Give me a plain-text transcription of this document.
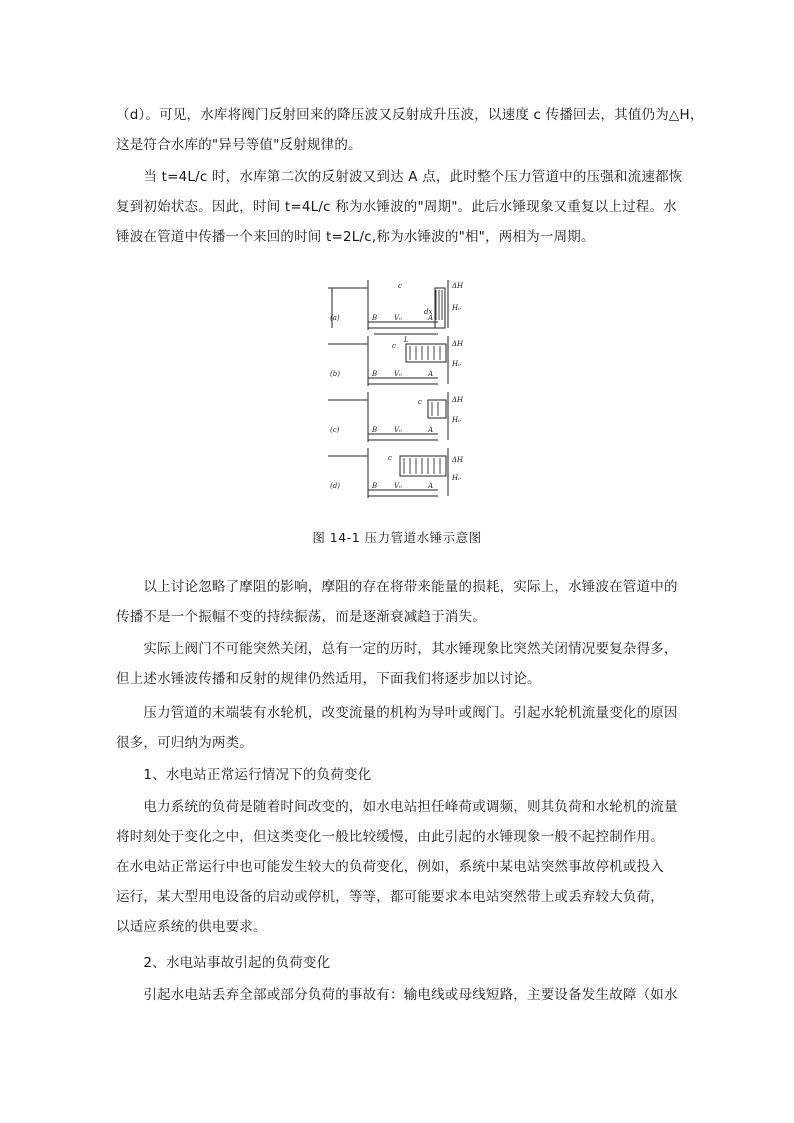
（d）。可见，水库将阀门反射回来的降压波又反射成升压波，以速度 c 传播回去，其值仍为△H，
这是符合水库的"异号等值"反射规律的。
　　当 t=4L/c 时，水库第二次的反射波又到达 A 点，此时整个压力管道中的压强和流速都恢
复到初始状态。因此，时间 t=4L/c 称为水锤波的"周期"。此后水锤现象又重复以上过程。水
锤波在管道中传播一个来回的时间 t=2L/c,称为水锤波的"相"，两相为一周期。
(a)	B V₀	A
dx
c
L
ΔH
H₀
(b)	B V₀	A
c	ΔH
H₀
(c)	B V₀	A
c	ΔH
H₀
(d)	B V₀	A
c	ΔH
H₀
图 14-1 压力管道水锤示意图
　　以上讨论忽略了摩阻的影响，摩阻的存在将带来能量的损耗，实际上，水锤波在管道中的
传播不是一个振幅不变的持续振荡，而是逐渐衰减趋于消失。
　　实际上阀门不可能突然关闭，总有一定的历时，其水锤现象比突然关闭情况要复杂得多，
但上述水锤波传播和反射的规律仍然适用，下面我们将逐步加以讨论。
　　压力管道的末端装有水轮机，改变流量的机构为导叶或阀门。引起水轮机流量变化的原因
很多，可归纳为两类。
　　1、水电站正常运行情况下的负荷变化
　　电力系统的负荷是随着时间改变的，如水电站担任峰荷或调频，则其负荷和水轮机的流量
将时刻处于变化之中，但这类变化一般比较缓慢，由此引起的水锤现象一般不起控制作用。
在水电站正常运行中也可能发生较大的负荷变化，例如，系统中某电站突然事故停机或投入
运行，某大型用电设备的启动或停机，等等，都可能要求本电站突然带上或丢弃较大负荷，
以适应系统的供电要求。
　　2、水电站事故引起的负荷变化
　　引起水电站丢弃全部或部分负荷的事故有：输电线或母线短路，主要设备发生故障（如水
